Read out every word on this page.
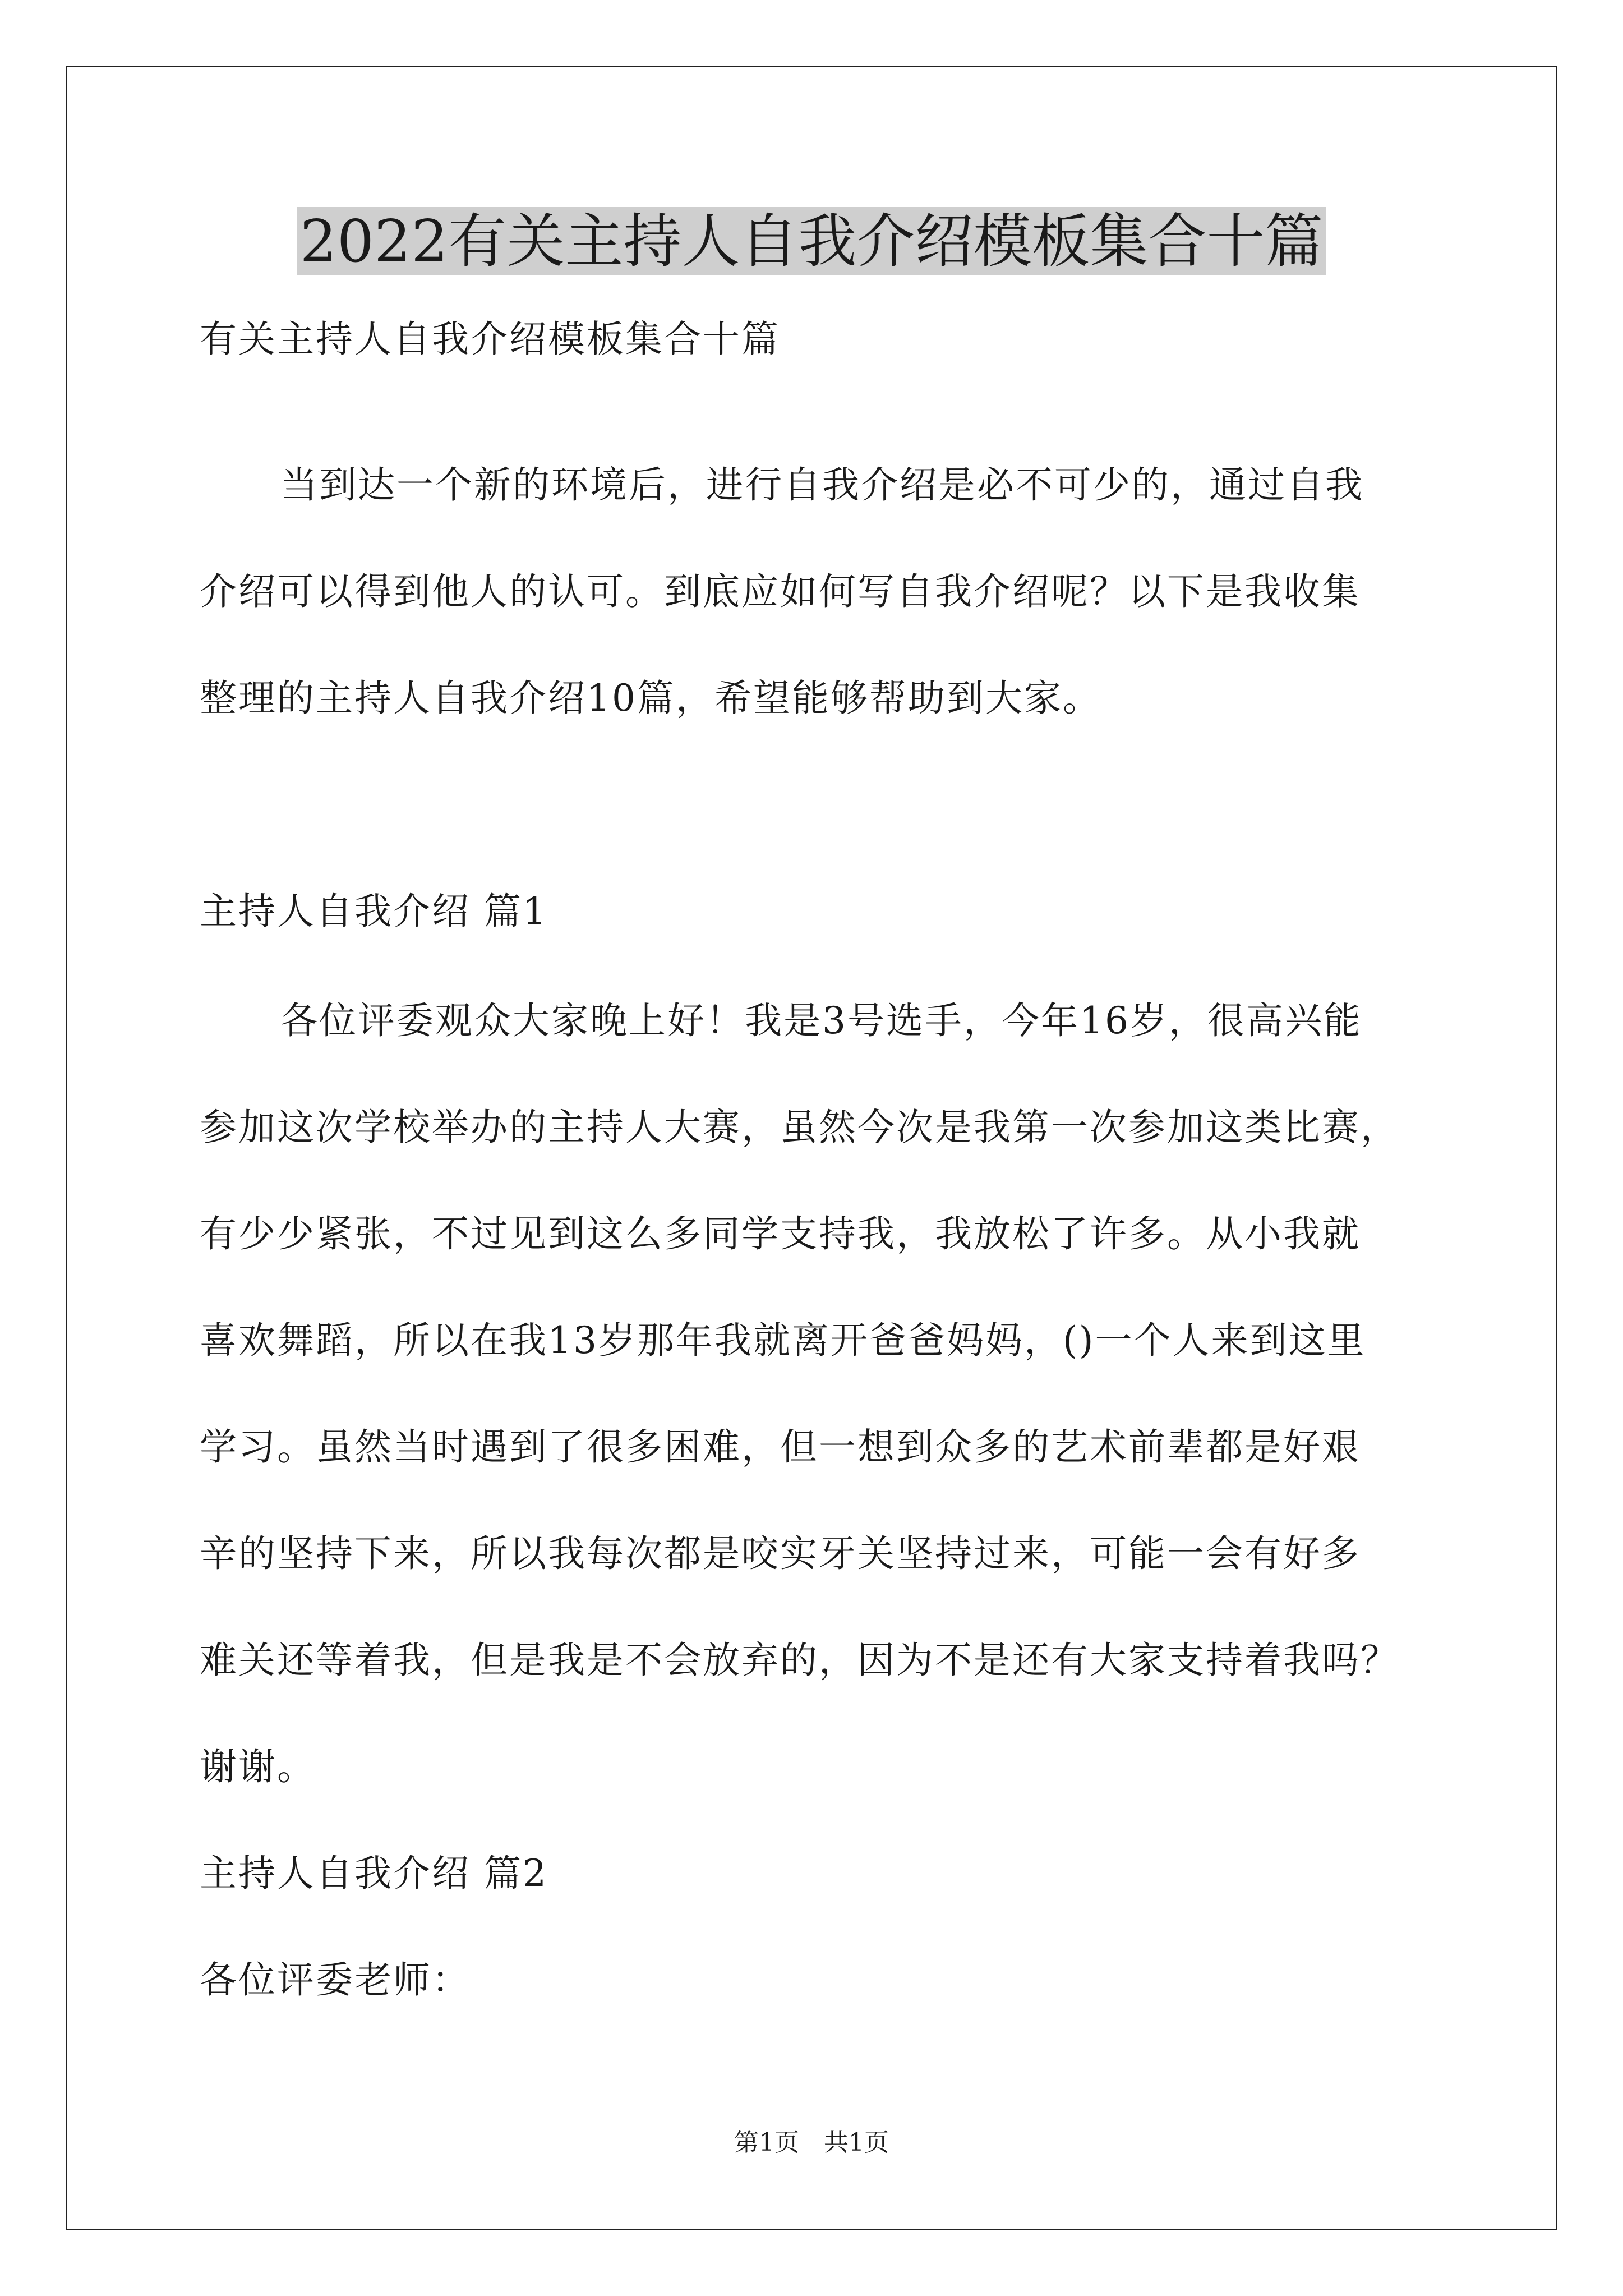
2022有关主持人自我介绍模板集合十篇
有关主持人自我介绍模板集合十篇
当到达一个新的环境后，进行自我介绍是必不可少的，通过自我
介绍可以得到他人的认可。到底应如何写自我介绍呢？以下是我收集
整理的主持人自我介绍10篇，希望能够帮助到大家。
主持人自我介绍 篇1
各位评委观众大家晚上好！我是3号选手，今年16岁，很高兴能
参加这次学校举办的主持人大赛，虽然今次是我第一次参加这类比赛，
有少少紧张，不过见到这么多同学支持我，我放松了许多。从小我就
喜欢舞蹈，所以在我13岁那年我就离开爸爸妈妈，()一个人来到这里
学习。虽然当时遇到了很多困难，但一想到众多的艺术前辈都是好艰
辛的坚持下来，所以我每次都是咬实牙关坚持过来，可能一会有好多
难关还等着我，但是我是不会放弃的，因为不是还有大家支持着我吗？
谢谢。
主持人自我介绍 篇2
各位评委老师：
第1页　共1页
